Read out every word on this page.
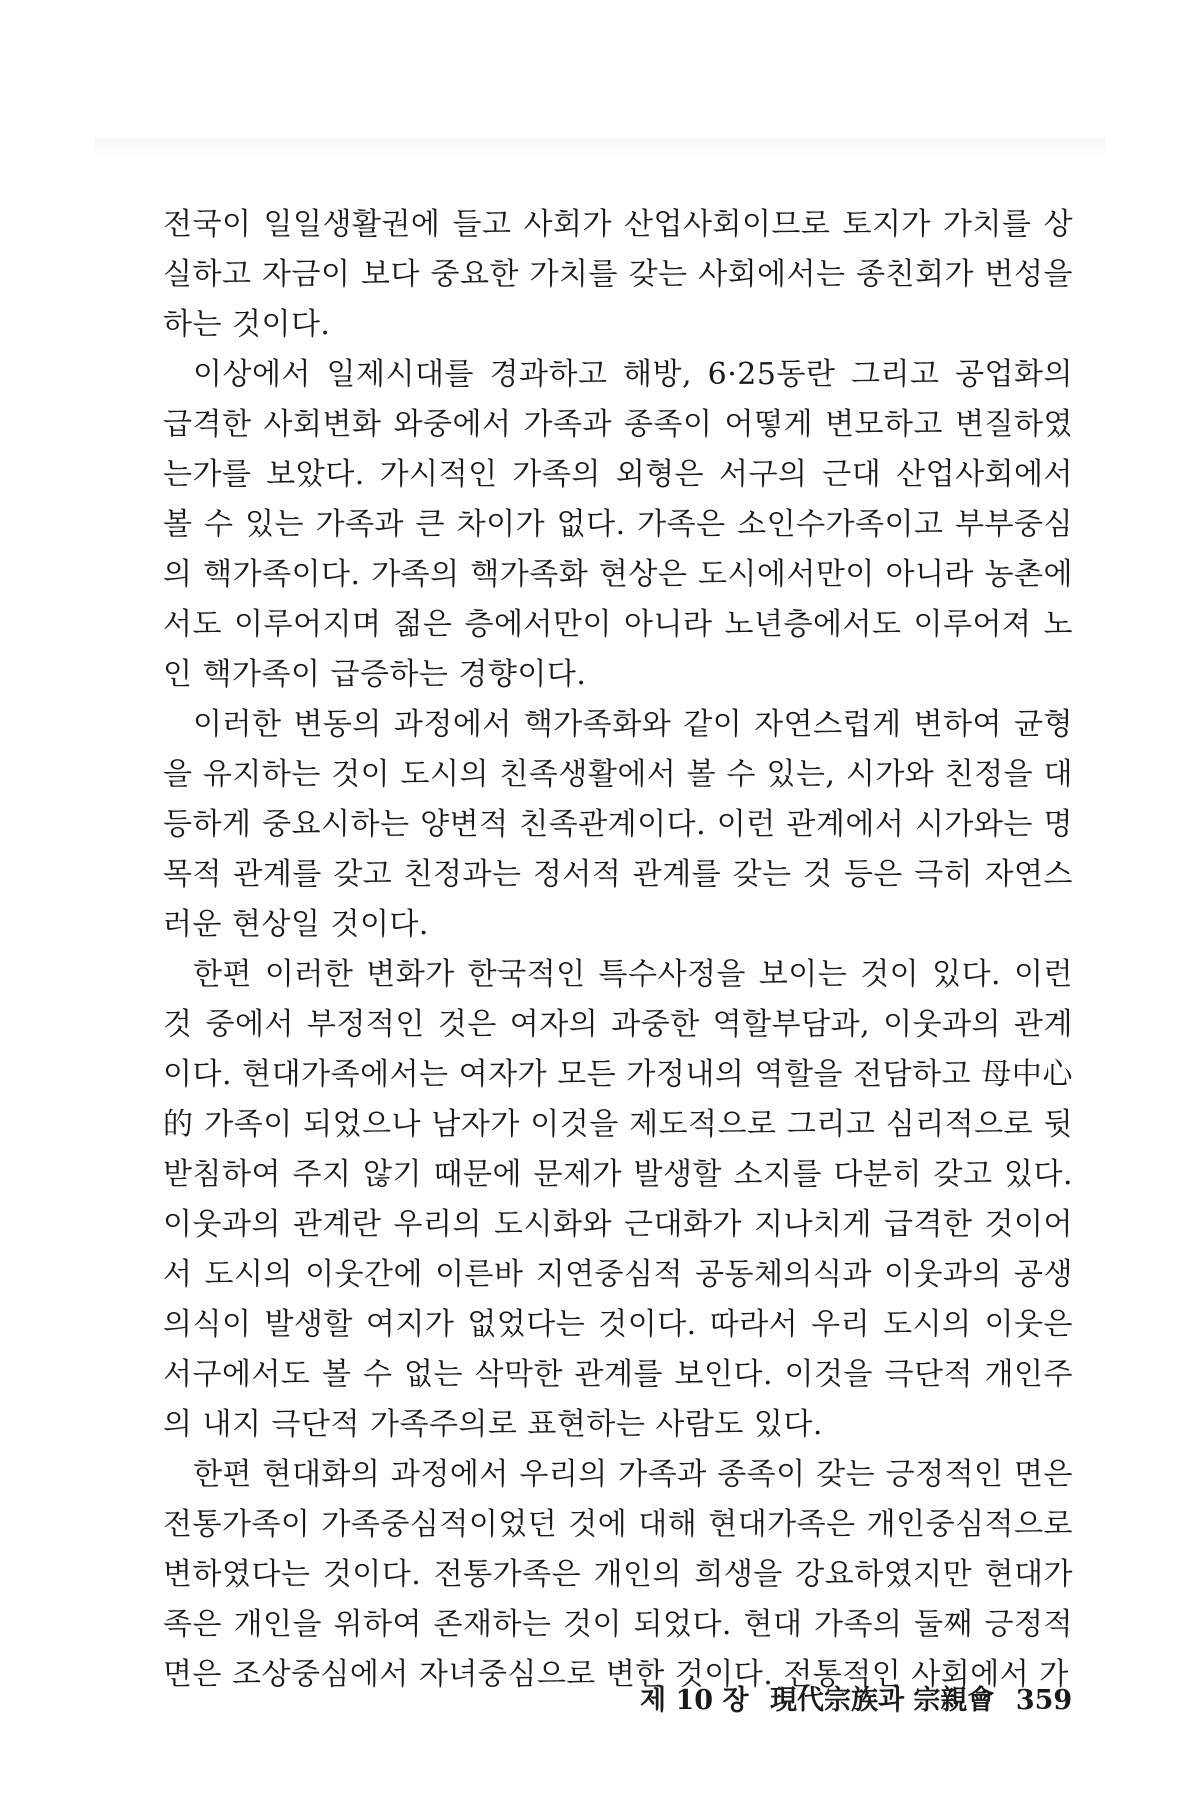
전국이 일일생활권에 들고 사회가 산업사회이므로 토지가 가치를 상실하고 자금이 보다 중요한 가치를 갖는 사회에서는 종친회가 번성을 하는 것이다.

이상에서 일제시대를 경과하고 해방, 6·25동란 그리고 공업화의 급격한 사회변화 와중에서 가족과 종족이 어떻게 변모하고 변질하였는가를 보았다. 가시적인 가족의 외형은 서구의 근대 산업사회에서 볼 수 있는 가족과 큰 차이가 없다. 가족은 소인수가족이고 부부중심의 핵가족이다. 가족의 핵가족화 현상은 도시에서만이 아니라 농촌에서도 이루어지며 젊은 층에서만이 아니라 노년층에서도 이루어져 노인 핵가족이 급증하는 경향이다.

이러한 변동의 과정에서 핵가족화와 같이 자연스럽게 변하여 균형을 유지하는 것이 도시의 친족생활에서 볼 수 있는, 시가와 친정을 대등하게 중요시하는 양변적 친족관계이다. 이런 관계에서 시가와는 명목적 관계를 갖고 친정과는 정서적 관계를 갖는 것 등은 극히 자연스러운 현상일 것이다.

한편 이러한 변화가 한국적인 특수사정을 보이는 것이 있다. 이런 것 중에서 부정적인 것은 여자의 과중한 역할부담과, 이웃과의 관계이다. 현대가족에서는 여자가 모든 가정내의 역할을 전담하고 母中心的 가족이 되었으나 남자가 이것을 제도적으로 그리고 심리적으로 뒷받침하여 주지 않기 때문에 문제가 발생할 소지를 다분히 갖고 있다. 이웃과의 관계란 우리의 도시화와 근대화가 지나치게 급격한 것이어서 도시의 이웃간에 이른바 지연중심적 공동체의식과 이웃과의 공생의식이 발생할 여지가 없었다는 것이다. 따라서 우리 도시의 이웃은 서구에서도 볼 수 없는 삭막한 관계를 보인다. 이것을 극단적 개인주의 내지 극단적 가족주의로 표현하는 사람도 있다.

한편 현대화의 과정에서 우리의 가족과 종족이 갖는 긍정적인 면은 전통가족이 가족중심적이었던 것에 대해 현대가족은 개인중심적으로 변하였다는 것이다. 전통가족은 개인의 희생을 강요하였지만 현대가족은 개인을 위하여 존재하는 것이 되었다. 현대 가족의 둘째 긍정적 면은 조상중심에서 자녀중심으로 변한 것이다. 전통적인 사회에서 가

제 10 장 現代宗族과 宗親會 359
